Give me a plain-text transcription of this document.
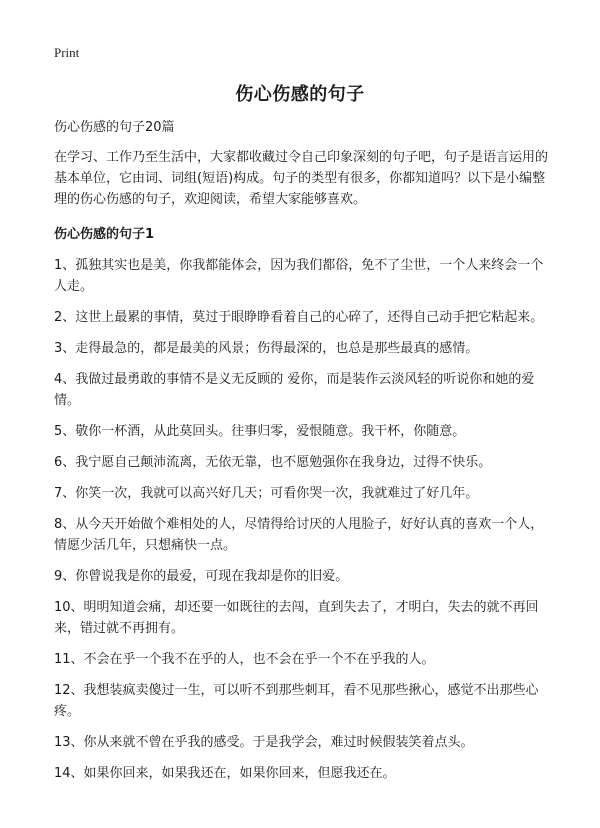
Print
伤心伤感的句子

伤心伤感的句子20篇

在学习、工作乃至生活中，大家都收藏过令自己印象深刻的句子吧，句子是语言运用的基本单位，它由词、词组(短语)构成。句子的类型有很多，你都知道吗？以下是小编整理的伤心伤感的句子，欢迎阅读，希望大家能够喜欢。

伤心伤感的句子1

1、孤独其实也是美，你我都能体会，因为我们都俗，免不了尘世，一个人来终会一个人走。

2、这世上最累的事情，莫过于眼睁睁看着自己的心碎了，还得自己动手把它粘起来。

3、走得最急的，都是最美的风景；伤得最深的，也总是那些最真的感情。

4、我做过最勇敢的事情不是义无反顾的 爱你，而是装作云淡风轻的听说你和她的爱情。

5、敬你一杯酒，从此莫回头。往事归零，爱恨随意。我干杯，你随意。

6、我宁愿自己颠沛流离，无依无靠，也不愿勉强你在我身边，过得不快乐。

7、你笑一次，我就可以高兴好几天；可看你哭一次，我就难过了好几年。

8、从今天开始做个难相处的人，尽情得给讨厌的人甩脸子，好好认真的喜欢一个人，情愿少活几年，只想痛快一点。

9、你曾说我是你的最爱，可现在我却是你的旧爱。

10、明明知道会痛，却还要一如既往的去闯，直到失去了，才明白，失去的就不再回来，错过就不再拥有。

11、不会在乎一个我不在乎的人，也不会在乎一个不在乎我的人。

12、我想装疯卖傻过一生，可以听不到那些刺耳，看不见那些揪心，感觉不出那些心疼。

13、你从来就不曾在乎我的感受。于是我学会，难过时候假装笑着点头。

14、如果你回来，如果我还在，如果你回来，但愿我还在。
